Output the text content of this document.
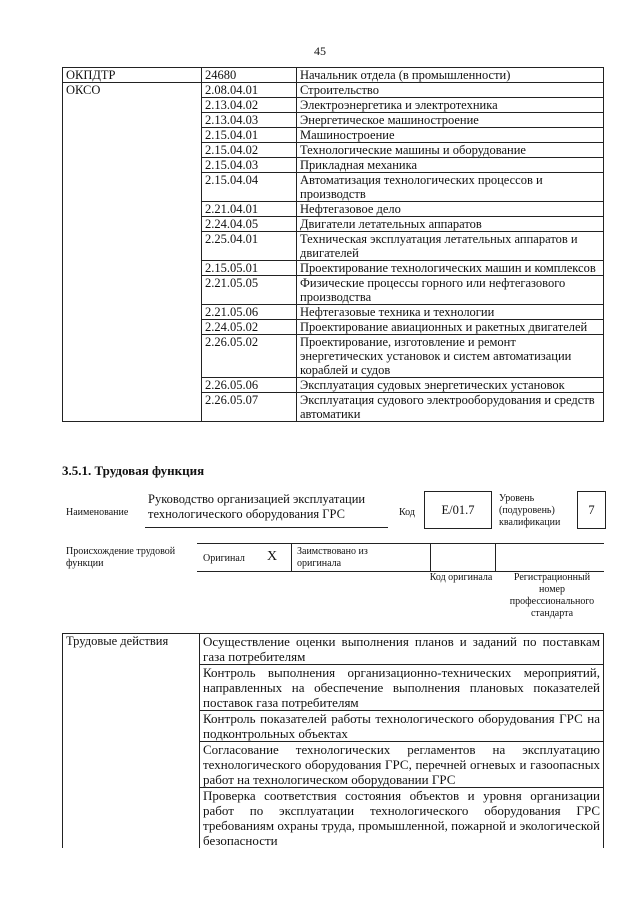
45
ОКПДТР	24680	Начальник отдела (в промышленности)
ОКСО	2.08.04.01	Строительство
	2.13.04.02	Электроэнергетика и электротехника
	2.13.04.03	Энергетическое машиностроение
	2.15.04.01	Машиностроение
	2.15.04.02	Технологические машины и оборудование
	2.15.04.03	Прикладная механика
	2.15.04.04	Автоматизация технологических процессов и производств
	2.21.04.01	Нефтегазовое дело
	2.24.04.05	Двигатели летательных аппаратов
	2.25.04.01	Техническая эксплуатация летательных аппаратов и двигателей
	2.15.05.01	Проектирование технологических машин и комплексов
	2.21.05.05	Физические процессы горного или нефтегазового производства
	2.21.05.06	Нефтегазовые техника и технологии
	2.24.05.02	Проектирование авиационных и ракетных двигателей
	2.26.05.02	Проектирование, изготовление и ремонт энергетических установок и систем автоматизации кораблей и судов
	2.26.05.06	Эксплуатация судовых энергетических установок
	2.26.05.07	Эксплуатация судового электрооборудования и средств автоматики
3.5.1. Трудовая функция
Наименование
Руководство организацией эксплуатации технологического оборудования ГРС	Код E/01.7
Уровень (подуровень) квалификации
7
Происхождение трудовой функции	Оригинал X Заимствовано из оригинала
Код оригинала	Регистрационный номер профессионального стандарта
Трудовые действия	Осуществление оценки выполнения планов и заданий по поставкам газа потребителям
Контроль выполнения организационно-технических мероприятий, направленных на обеспечение выполнения плановых показателей поставок газа потребителям
Контроль показателей работы технологического оборудования ГРС на подконтрольных объектах
Согласование технологических регламентов на эксплуатацию технологического оборудования ГРС, перечней огневых и газоопасных работ на технологическом оборудовании ГРС
Проверка соответствия состояния объектов и уровня организации работ по эксплуатации технологического оборудования ГРС требованиям охраны труда, промышленной, пожарной и экологической безопасности
